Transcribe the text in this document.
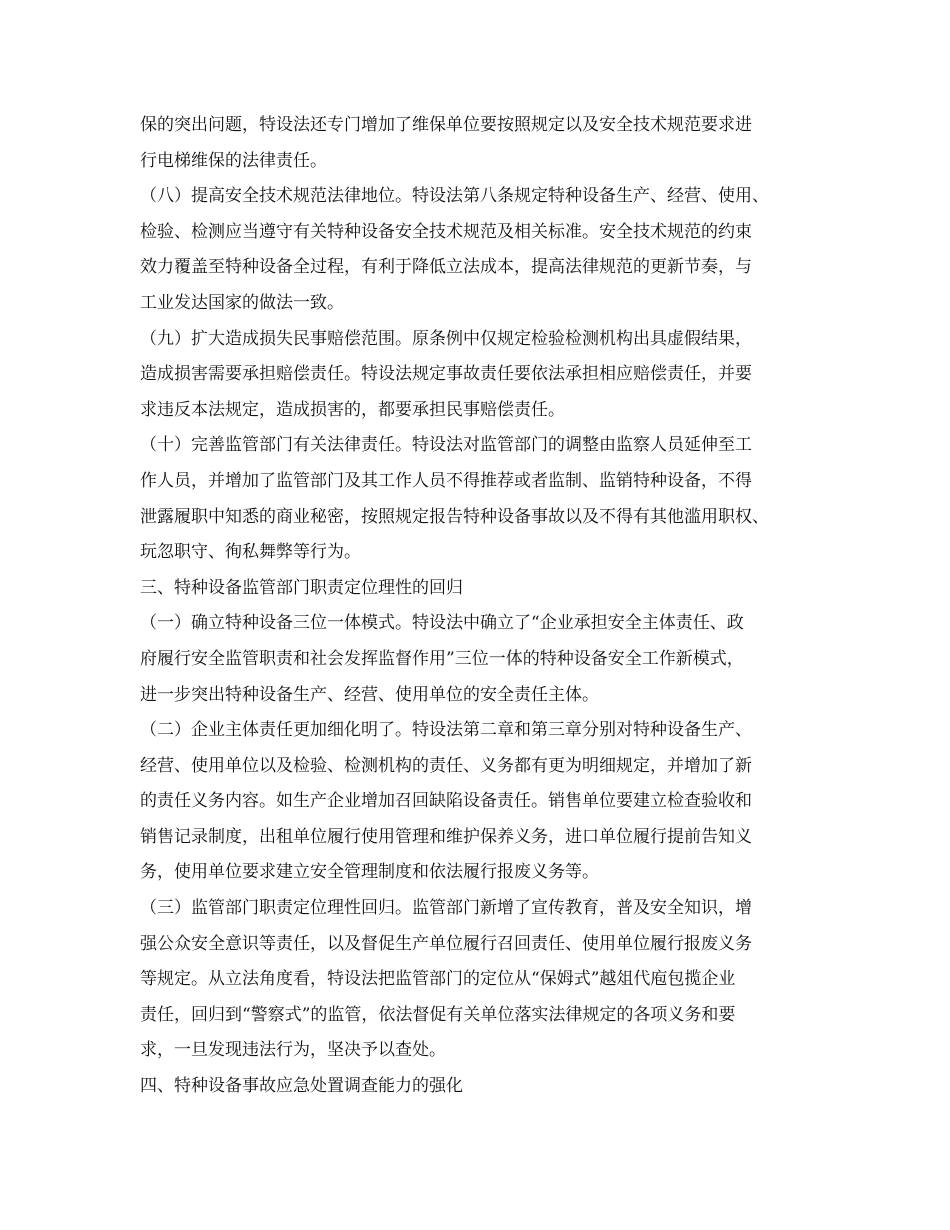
保的突出问题，特设法还专门增加了维保单位要按照规定以及安全技术规范要求进
行电梯维保的法律责任。
（八）提高安全技术规范法律地位。特设法第八条规定特种设备生产、经营、使用、
检验、检测应当遵守有关特种设备安全技术规范及相关标准。安全技术规范的约束
效力覆盖至特种设备全过程，有利于降低立法成本，提高法律规范的更新节奏，与
工业发达国家的做法一致。
（九）扩大造成损失民事赔偿范围。原条例中仅规定检验检测机构出具虚假结果，
造成损害需要承担赔偿责任。特设法规定事故责任要依法承担相应赔偿责任，并要
求违反本法规定，造成损害的，都要承担民事赔偿责任。
（十）完善监管部门有关法律责任。特设法对监管部门的调整由监察人员延伸至工
作人员，并增加了监管部门及其工作人员不得推荐或者监制、监销特种设备，不得
泄露履职中知悉的商业秘密，按照规定报告特种设备事故以及不得有其他滥用职权、
玩忽职守、徇私舞弊等行为。
三、特种设备监管部门职责定位理性的回归
（一）确立特种设备三位一体模式。特设法中确立了“企业承担安全主体责任、政
府履行安全监管职责和社会发挥监督作用”三位一体的特种设备安全工作新模式，
进一步突出特种设备生产、经营、使用单位的安全责任主体。
（二）企业主体责任更加细化明了。特设法第二章和第三章分别对特种设备生产、
经营、使用单位以及检验、检测机构的责任、义务都有更为明细规定，并增加了新
的责任义务内容。如生产企业增加召回缺陷设备责任。销售单位要建立检查验收和
销售记录制度，出租单位履行使用管理和维护保养义务，进口单位履行提前告知义
务，使用单位要求建立安全管理制度和依法履行报废义务等。
（三）监管部门职责定位理性回归。监管部门新增了宣传教育，普及安全知识，增
强公众安全意识等责任，以及督促生产单位履行召回责任、使用单位履行报废义务
等规定。从立法角度看，特设法把监管部门的定位从“保姆式”越俎代庖包揽企业
责任，回归到“警察式”的监管，依法督促有关单位落实法律规定的各项义务和要
求，一旦发现违法行为，坚决予以查处。
四、特种设备事故应急处置调查能力的强化
